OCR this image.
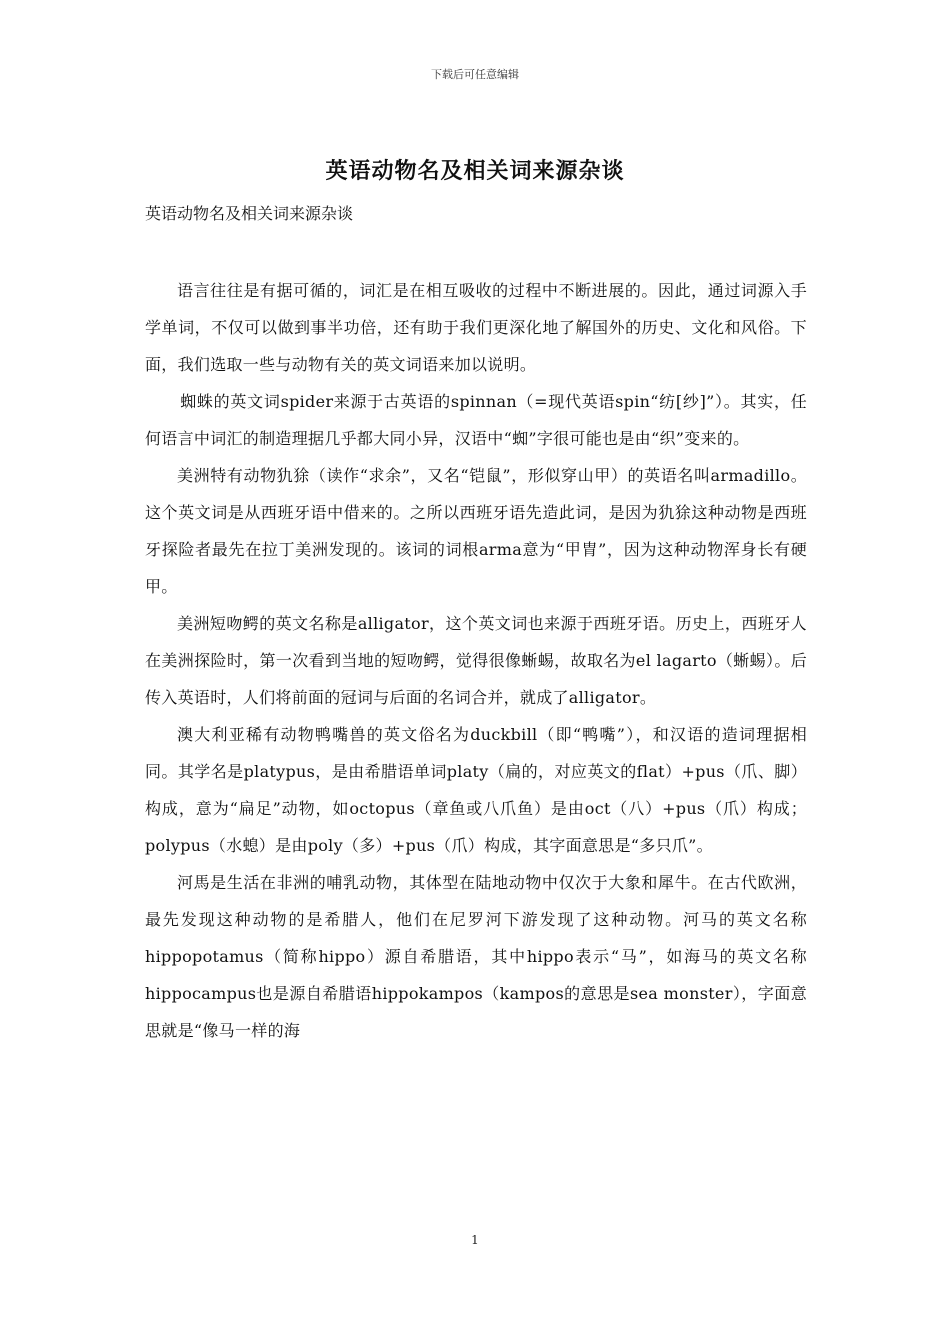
下载后可任意编辑
英语动物名及相关词来源杂谈

英语动物名及相关词来源杂谈

语言往往是有据可循的，词汇是在相互吸收的过程中不断进展的。因此，通过词源入手学单词，不仅可以做到事半功倍，还有助于我们更深化地了解国外的历史、文化和风俗。下面，我们选取一些与动物有关的英文词语来加以说明。

蜘蛛的英文词spider来源于古英语的spinnan（=现代英语spin“纺[纱]”）。其实，任何语言中词汇的制造理据几乎都大同小异，汉语中“蜘”字很可能也是由“织”变来的。

美洲特有动物犰狳（读作“求余”，又名“铠鼠”，形似穿山甲）的英语名叫armadillo。这个英文词是从西班牙语中借来的。之所以西班牙语先造此词，是因为犰狳这种动物是西班牙探险者最先在拉丁美洲发现的。该词的词根arma意为“甲胄”，因为这种动物浑身长有硬甲。

美洲短吻鳄的英文名称是alligator，这个英文词也来源于西班牙语。历史上，西班牙人在美洲探险时，第一次看到当地的短吻鳄，觉得很像蜥蜴，故取名为el lagarto（蜥蜴）。后传入英语时，人们将前面的冠词与后面的名词合并，就成了alligator。

澳大利亚稀有动物鸭嘴兽的英文俗名为duckbill（即“鸭嘴”），和汉语的造词理据相同。其学名是platypus，是由希腊语单词platy（扁的，对应英文的flat）+pus（爪、脚）构成，意为“扁足”动物，如octopus（章鱼或八爪鱼）是由oct（八）+pus（爪）构成；polypus（水螅）是由poly（多）+pus（爪）构成，其字面意思是“多只爪”。

河馬是生活在非洲的哺乳动物，其体型在陆地动物中仅次于大象和犀牛。在古代欧洲，最先发现这种动物的是希腊人，他们在尼罗河下游发现了这种动物。河马的英文名称hippopotamus（简称hippo）源自希腊语，其中hippo表示“马”，如海马的英文名称hippocampus也是源自希腊语hippokampos（kampos的意思是sea monster），字面意思就是“像马一样的海

1
